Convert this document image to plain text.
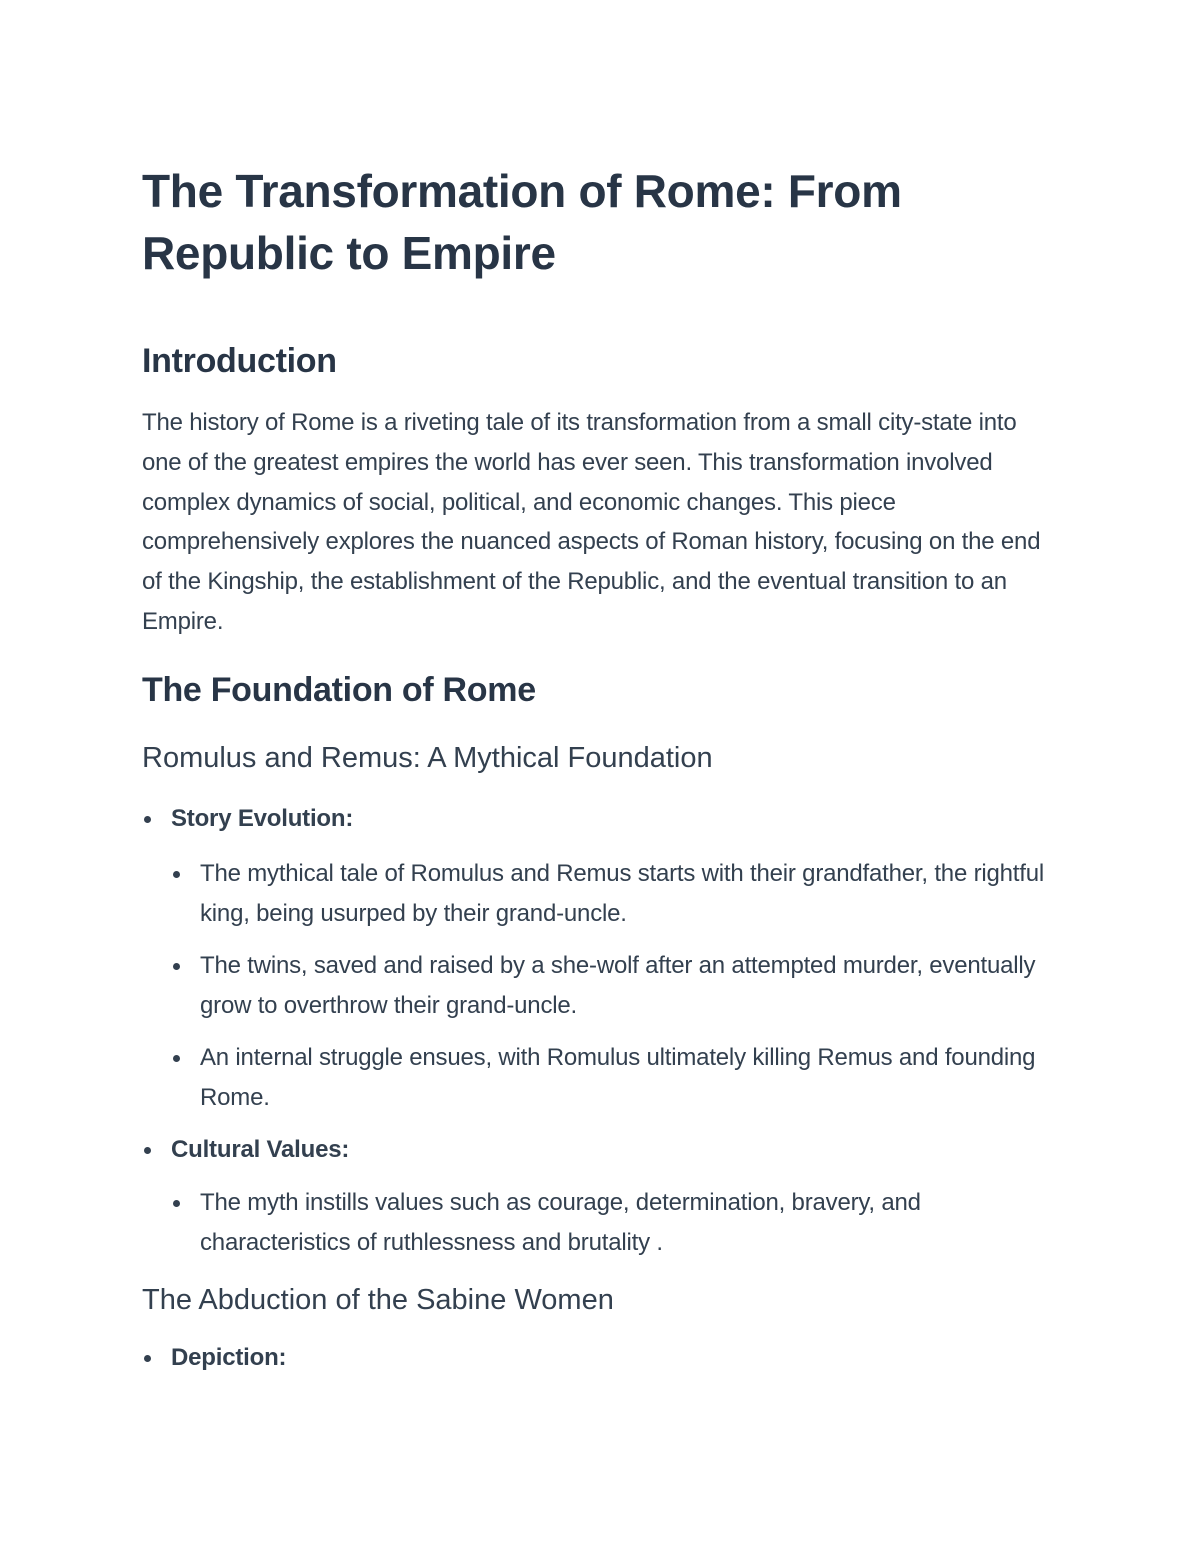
The Transformation of Rome: From Republic to Empire
Introduction

The history of Rome is a riveting tale of its transformation from a small city-state into one of the greatest empires the world has ever seen. This transformation involved complex dynamics of social, political, and economic changes. This piece comprehensively explores the nuanced aspects of Roman history, focusing on the end of the Kingship, the establishment of the Republic, and the eventual transition to an Empire.

The Foundation of Rome
Romulus and Remus: A Mythical Foundation
Story Evolution:
The mythical tale of Romulus and Remus starts with their grandfather, the rightful king, being usurped by their grand-uncle.
The twins, saved and raised by a she-wolf after an attempted murder, eventually grow to overthrow their grand-uncle.
An internal struggle ensues, with Romulus ultimately killing Remus and founding Rome.
Cultural Values:
The myth instills values such as courage, determination, bravery, and characteristics of ruthlessness and brutality .
The Abduction of the Sabine Women
Depiction:
